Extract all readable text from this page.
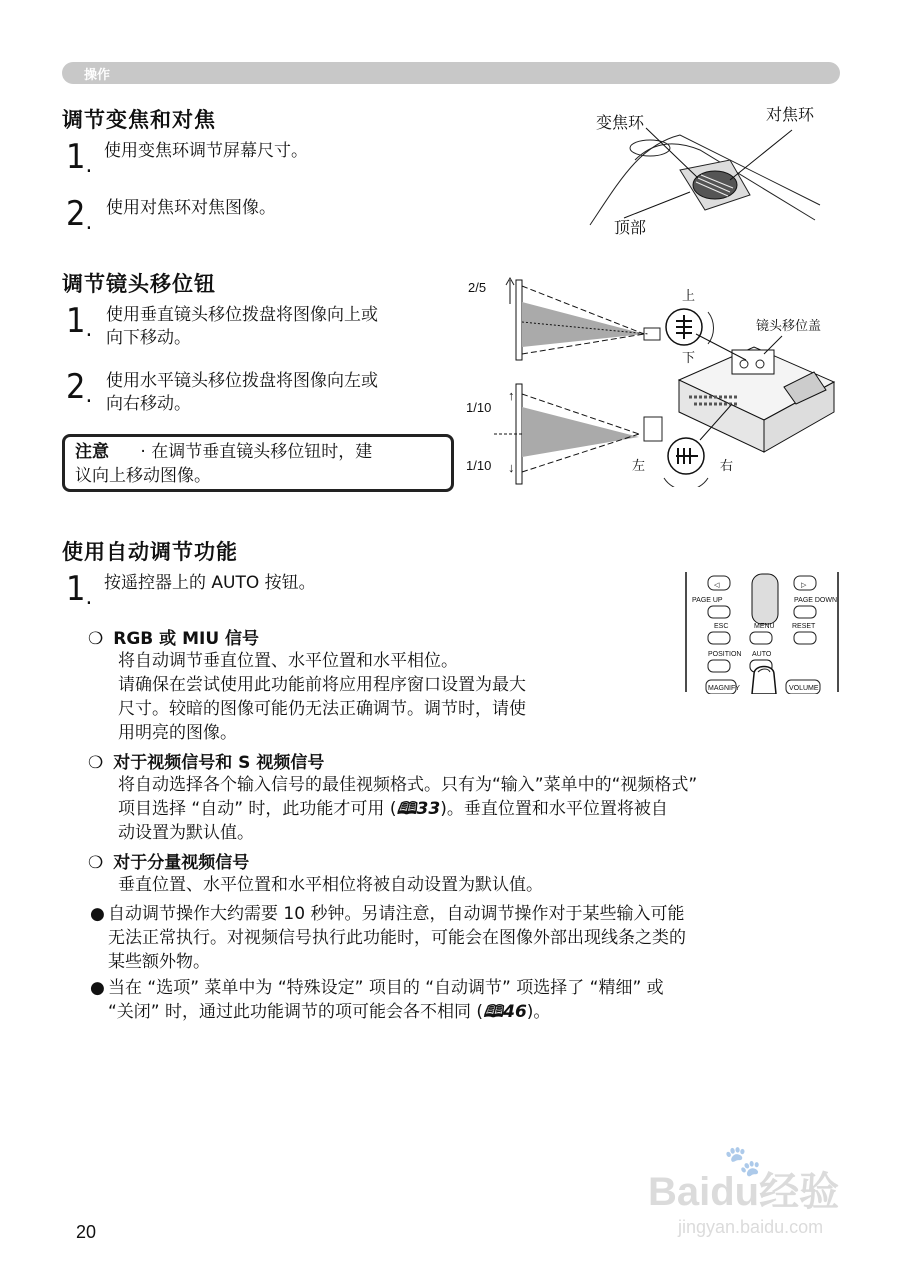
操作
调节变焦和对焦
1 . 使用变焦环调节屏幕尺寸。
2 . 使用对焦环对焦图像。
变焦环	对焦环
顶部
调节镜头移位钮
1 . 使用垂直镜头移位拨盘将图像向上或
向下移动。
2 . 使用水平镜头移位拨盘将图像向左或
向右移动。
注意 · 在调节垂直镜头移位钮时，建
议向上移动图像。
2/5
1/10
↑
1/10 ↓
上
下
左	右
镜头移位盖
使用自动调节功能
1 . 按遥控器上的 AUTO 按钮。	◁	▷
PAGE UP	PAGE DOWN
ESC	MENU RESET
POSITION AUTO
MAGNIFY	VOLUME
❍ RGB 或 MIU 信号
将自动调节垂直位置、水平位置和水平相位。
请确保在尝试使用此功能前将应用程序窗口设置为最大
尺寸。较暗的图像可能仍无法正确调节。调节时，请使
用明亮的图像。
❍ 对于视频信号和 S 视频信号
将自动选择各个输入信号的最佳视频格式。只有为“输入”菜单中的“视频格式”
项目选择 “自动” 时，此功能才可用 (🕮33)。垂直位置和水平位置将被自
动设置为默认值。
❍ 对于分量视频信号
垂直位置、水平位置和水平相位将被自动设置为默认值。
● 自动调节操作大约需要 10 秒钟。另请注意，自动调节操作对于某些输入可能
无法正常执行。对视频信号执行此功能时，可能会在图像外部出现线条之类的
某些额外物。
● 当在 “选项” 菜单中为 “特殊设定” 项目的 “自动调节” 项选择了 “精细” 或
“关闭” 时，通过此功能调节的项可能会各不相同 (🕮46)。
20
🐾
Baidu经验
jingyan.baidu.com
